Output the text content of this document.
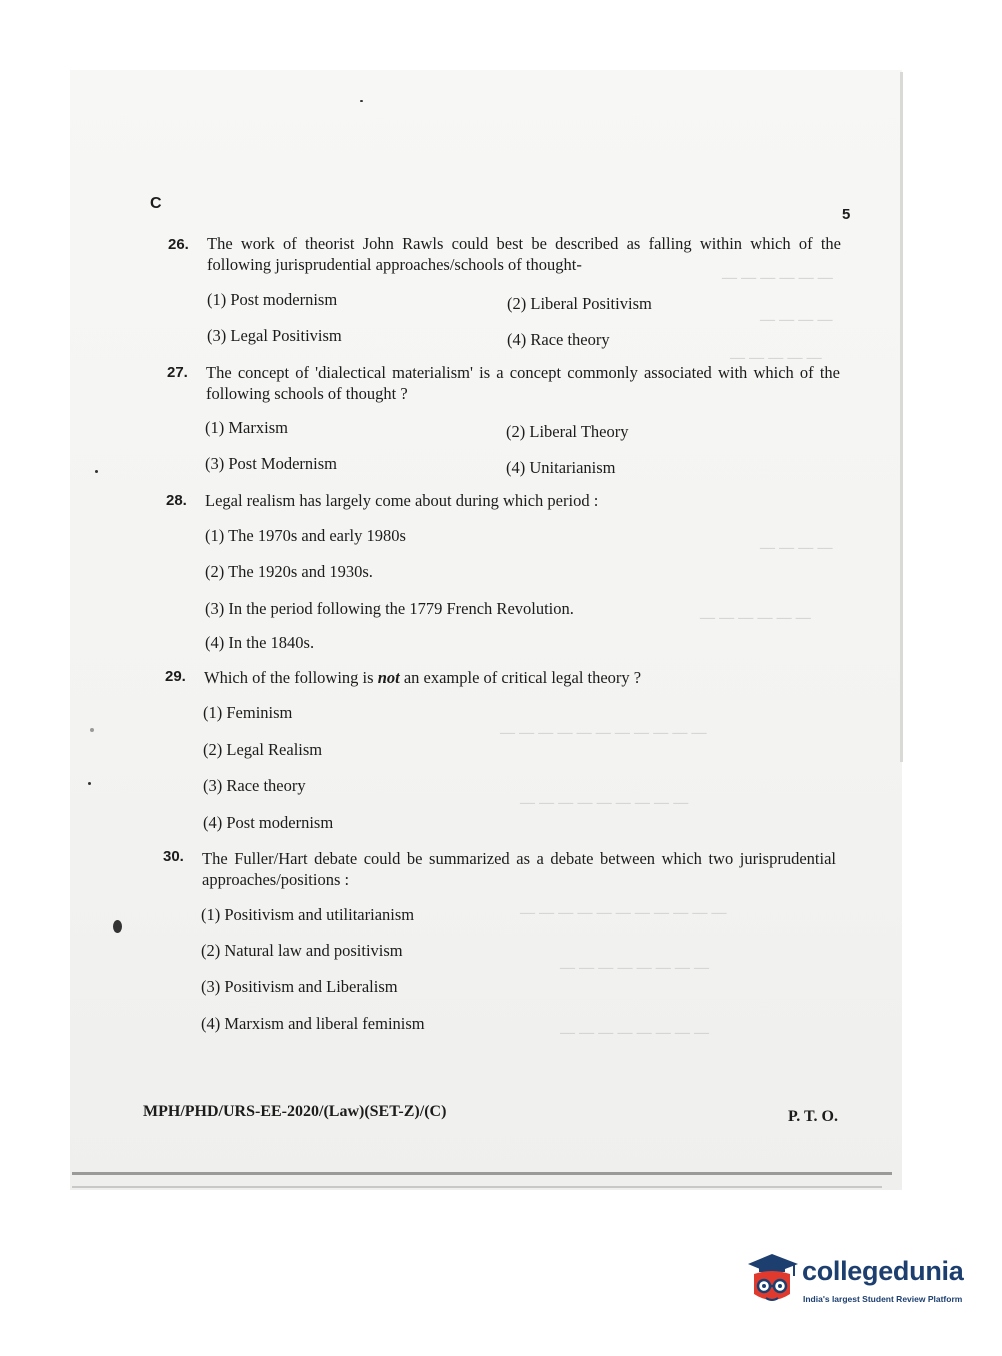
— — — — — —
— — — —
— — — — —
— — — —
— — — — — —
— — — — — — — — — — —
— — — — — — — — —
— — — — — — — — — — —
— — — — — — — —
— — — — — — — —
C
5
26. The work of theorist John Rawls could best be described as falling within which of the following jurisprudential approaches/schools of thought-
(1) Post modernism	(2) Liberal Positivism
(3) Legal Positivism	(4) Race theory
27. The concept of 'dialectical materialism' is a concept commonly associated with which of the following schools of thought ?
(1) Marxism	(2) Liberal Theory
(3) Post Modernism	(4) Unitarianism
28. Legal realism has largely come about during which period :
(1) The 1970s and early 1980s
(2) The 1920s and 1930s.
(3) In the period following the 1779 French Revolution.
(4) In the 1840s.
29. Which of the following is not an example of critical legal theory ?
(1) Feminism
(2) Legal Realism
(3) Race theory
(4) Post modernism
30. The Fuller/Hart debate could be summarized as a debate between which two jurisprudential approaches/positions :
(1) Positivism and utilitarianism
(2) Natural law and positivism
(3) Positivism and Liberalism
(4) Marxism and liberal feminism
MPH/PHD/URS-EE-2020/(Law)(SET-Z)/(C)	P. T. O.
collegedunia
India's largest Student Review Platform
